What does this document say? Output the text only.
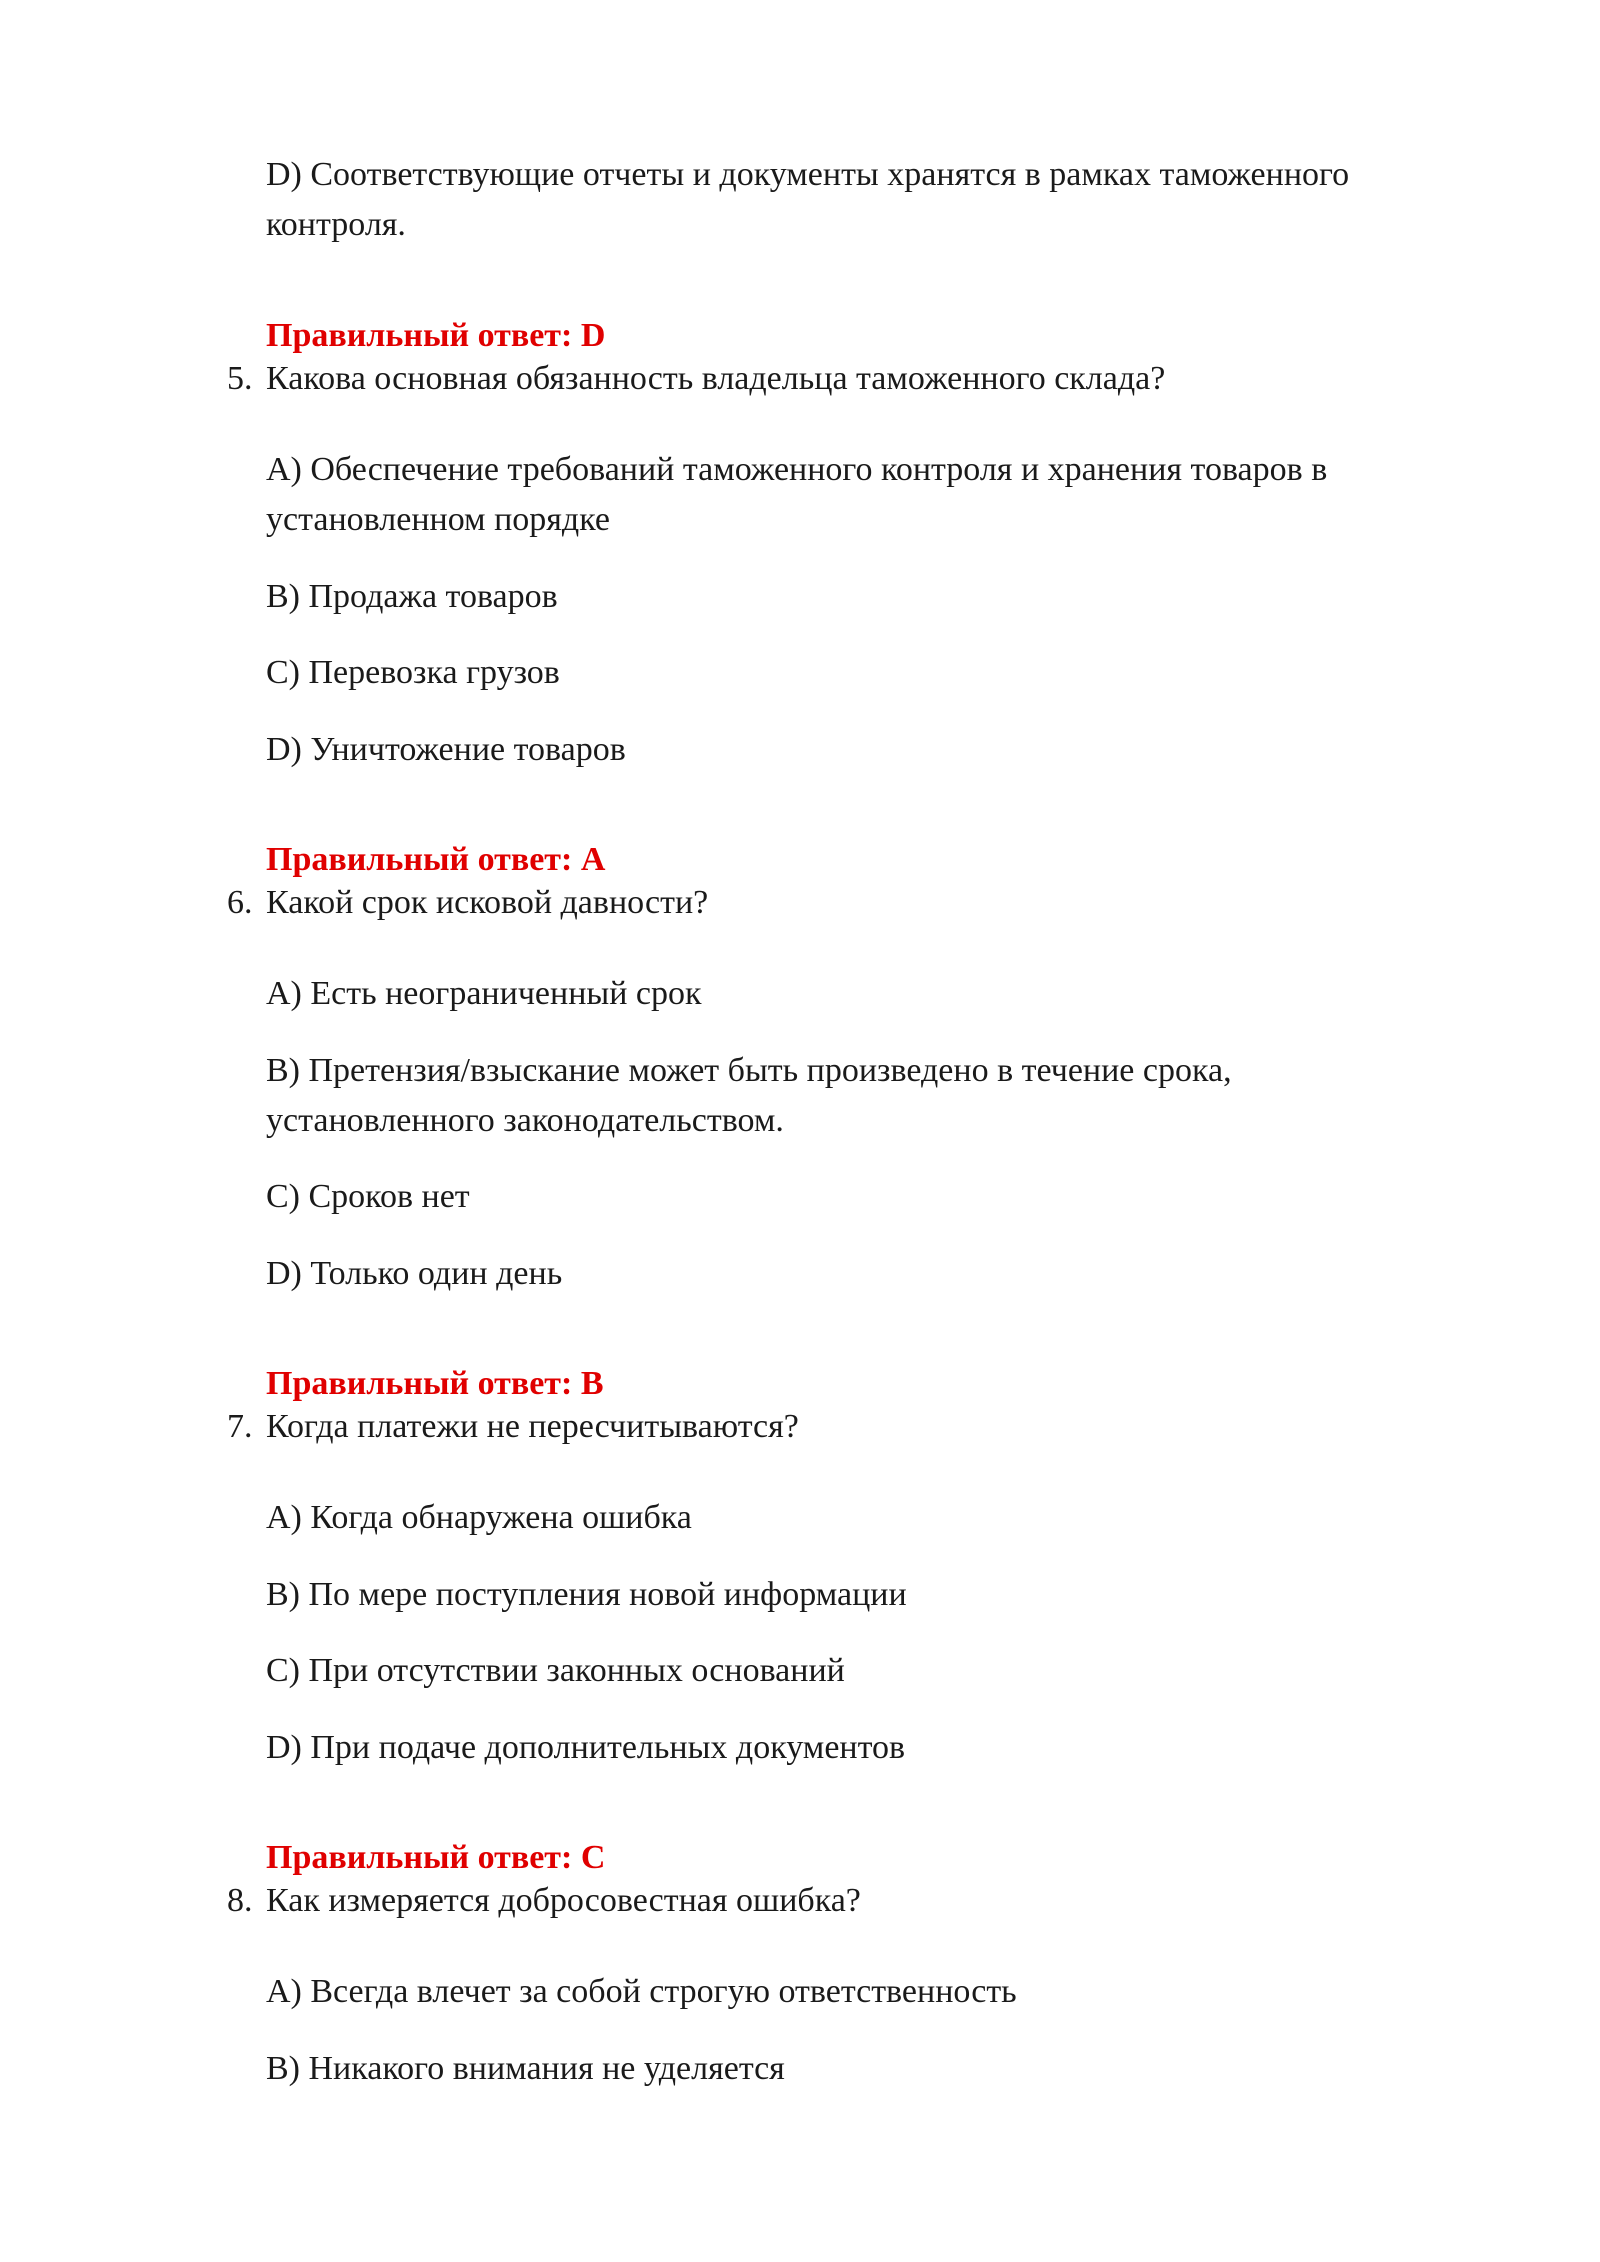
D) Соответствующие отчеты и документы хранятся в рамках таможенного

контроля.

Правильный ответ: D

5. Какова основная обязанность владельца таможенного склада?

A) Обеспечение требований таможенного контроля и хранения товаров в

установленном порядке

B) Продажа товаров

C) Перевозка грузов

D) Уничтожение товаров

Правильный ответ: A

6. Какой срок исковой давности?

A) Есть неограниченный срок

B) Претензия/взыскание может быть произведено в течение срока,

установленного законодательством.

C) Сроков нет

D) Только один день

Правильный ответ: B

7. Когда платежи не пересчитываются?

A) Когда обнаружена ошибка

B) По мере поступления новой информации

C) При отсутствии законных оснований

D) При подаче дополнительных документов

Правильный ответ: C

8. Как измеряется добросовестная ошибка?

A) Всегда влечет за собой строгую ответственность

B) Никакого внимания не уделяется
